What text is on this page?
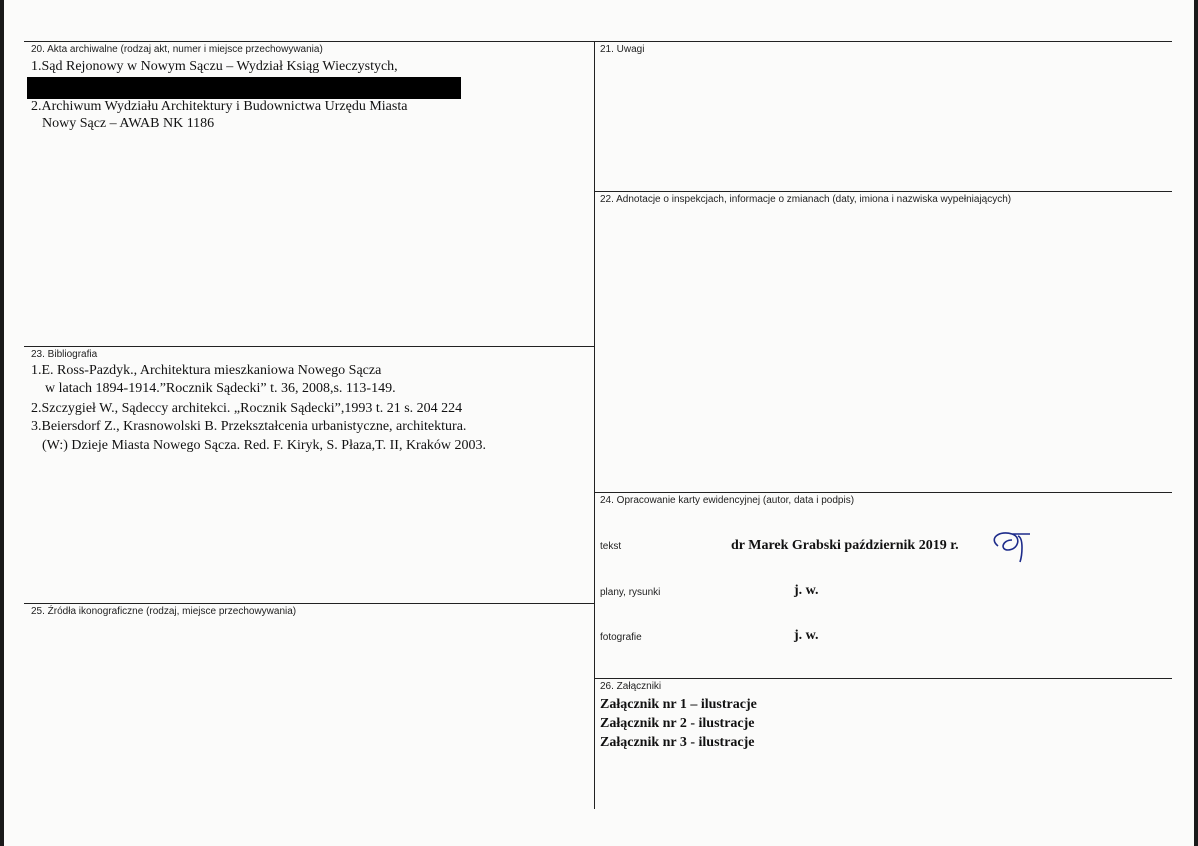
20. Akta archiwalne (rodzaj akt, numer i miejsce przechowywania)
1.Sąd Rejonowy w Nowym Sączu – Wydział Ksiąg Wieczystych,
2.Archiwum Wydziału Architektury i Budownictwa Urzędu Miasta
Nowy Sącz – AWAB NK 1186
21. Uwagi
22. Adnotacje o inspekcjach, informacje o zmianach (daty, imiona i nazwiska wypełniających)
23. Bibliografia
1.E. Ross-Pazdyk., Architektura mieszkaniowa Nowego Sącza
w latach 1894-1914.”Rocznik Sądecki” t. 36, 2008,s. 113-149.
2.Szczygieł W., Sądeccy architekci. „Rocznik Sądecki”,1993 t. 21 s. 204 224
3.Beiersdorf Z., Krasnowolski B. Przekształcenia urbanistyczne, architektura.
(W:) Dzieje Miasta Nowego Sącza. Red. F. Kiryk, S. Płaza,T. II, Kraków 2003.
24. Opracowanie karty ewidencyjnej (autor, data i podpis)
tekst	dr Marek Grabski październik 2019 r.
plany, rysunki	j. w.
fotografie	j. w.
25. Źródła ikonograficzne (rodzaj, miejsce przechowywania)
26. Załączniki
Załącznik nr 1 – ilustracje
Załącznik nr 2 - ilustracje
Załącznik nr 3 - ilustracje
